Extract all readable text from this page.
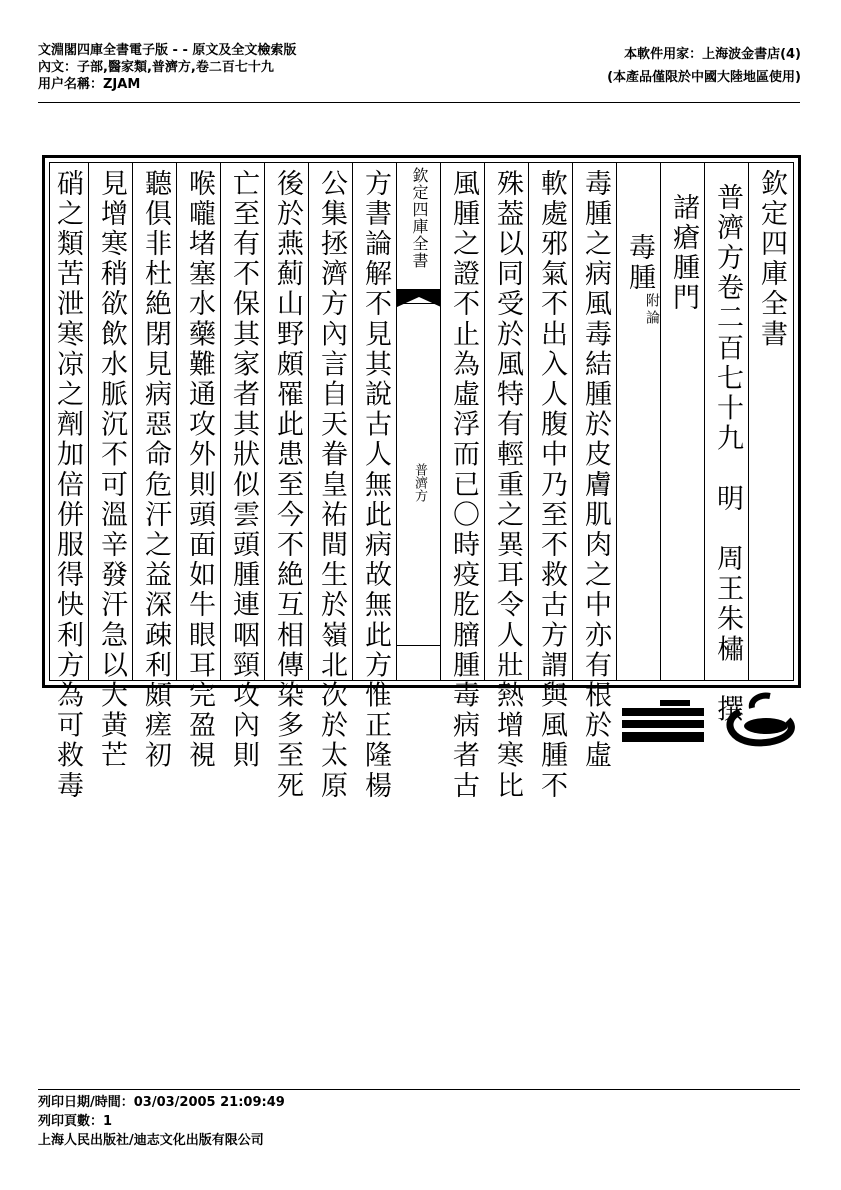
文淵閣四庫全書電子版 - - 原文及全文檢索版
內文：子部,醫家類,普濟方,卷二百七十九
用户名稱：ZJAM
本軟件用家：上海波金書店(4)
(本產品僅限於中國大陸地區使用)
欽定四庫全書
普濟方卷二百七十九　明　周王朱橚　撰
諸瘡腫門
毒腫
附論
毒腫之病風毒結腫於皮膚肌肉之中亦有根於虛
軟處邪氣不出入人腹中乃至不救古方謂與風腫不
殊葢以同受於風特有輕重之異耳令人壯熱增寒比
風腫之證不止為虛浮而已〇時疫肐膪腫毒病者古
欽定四庫全書
普濟方
方書論解不見其說古人無此病故無此方惟正隆楊
公集拯濟方內言自天眷皇祐間生於嶺北次於太原
後於燕薊山野頗罹此患至今不絶互相傳染多至死
亡至有不保其家者其狀似雲頭腫連咽頸攻內則
喉嚨堵塞水藥難通攻外則頭面如牛眼耳完盈視
聽俱非杜絶閉見病惡命危汗之益深疎利頗瘥初
見增寒稍欲飲水脈沉不可溫辛發汗急以大黄芒
硝之類苦泄寒凉之劑加倍併服得快利方為可救毒
列印日期/時間：03/03/2005 21:09:49
列印頁數：1
上海人民出版社/迪志文化出版有限公司
